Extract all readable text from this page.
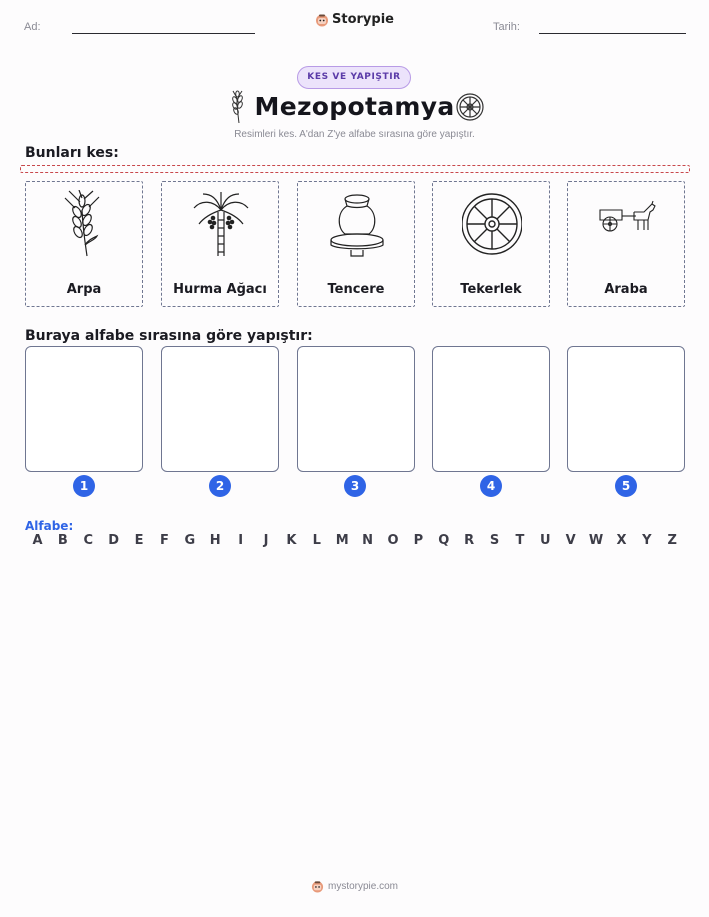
Ad:	Storypie	Tarih:
KES VE YAPIŞTIR
Mezopotamya
Resimleri kes. A'dan Z'ye alfabe sırasına göre yapıştır.
Bunları kes:
Arpa	Hurma Ağacı	Tencere	Tekerlek	Araba
Buraya alfabe sırasına göre yapıştır:
1	2	3	4	5
Alfabe:
A	B	C	D	E	F	G	H	I	J	K	L	M	N	O	P	Q	R	S	T	U	V	W	X	Y	Z
mystorypie.com
